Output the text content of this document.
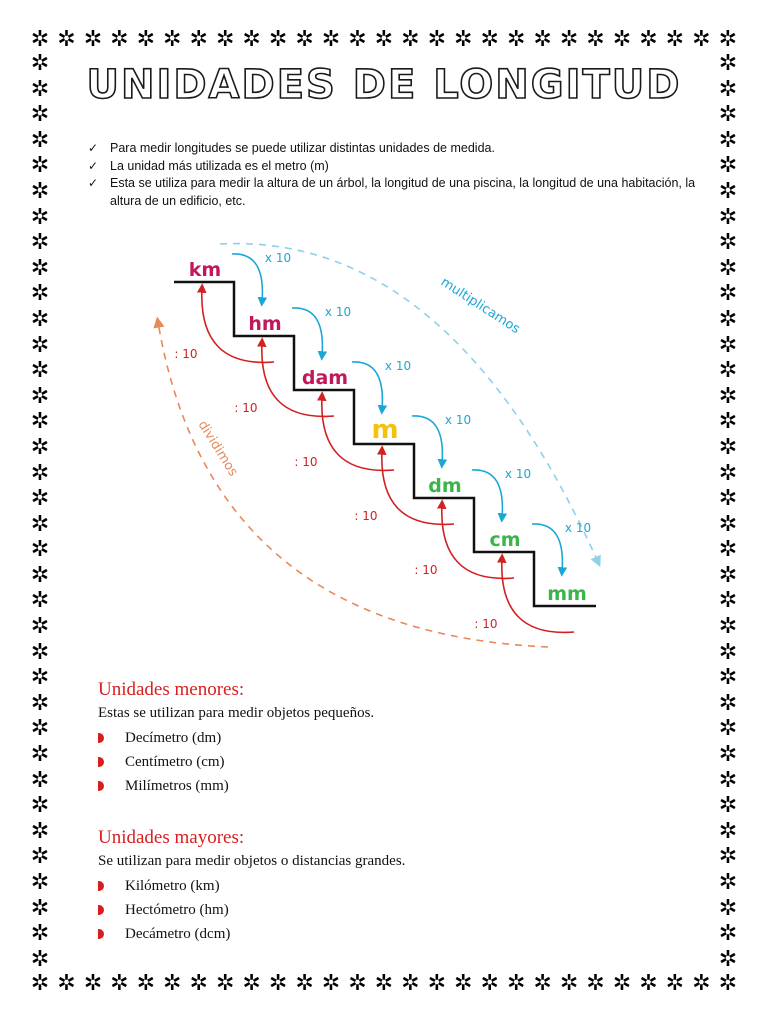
✲ ✲ ✲ ✲ ✲ ✲ ✲ ✲ ✲ ✲ ✲ ✲ ✲ ✲ ✲ ✲ ✲ ✲ ✲ ✲ ✲ ✲ ✲ ✲ ✲ ✲ ✲
✲ ✲ ✲ ✲ ✲ ✲ ✲ ✲ ✲ ✲ ✲ ✲ ✲ ✲ ✲ ✲ ✲ ✲ ✲ ✲ ✲ ✲ ✲ ✲ ✲ ✲ ✲
✲
✲
✲
✲
✲
✲
✲
✲
✲
✲
✲
✲
✲
✲
✲
✲
✲
✲
✲
✲
✲
✲
✲
✲
✲
✲
✲
✲
✲
✲
✲
✲
✲
✲
✲
✲
✲
✲
✲
✲
✲
✲
✲
✲
✲
✲
✲
✲
✲
✲
✲
✲
✲
✲
✲
✲
✲
✲
✲
✲
✲
✲
✲
✲
✲
✲
✲
✲
✲
✲
✲
✲
UNIDADES DE LONGITUD
✓ Para medir longitudes se puede utilizar distintas unidades de medida.
✓ La unidad más utilizada es el metro (m)
✓ Esta se utiliza para medir la altura de un árbol, la longitud de una piscina, la longitud de una habitación, la altura de un edificio, etc.
multiplicamos
dividimos
km
hm
dam
m
dm
cm
mm
x 10
x 10
x 10
x 10
x 10
x 10
: 10
: 10
: 10
: 10
: 10
: 10
Unidades menores:

Estas se utilizan para medir objetos pequeños.

Decímetro (dm)
Centímetro (cm)
Milímetros (mm)
Unidades mayores:

Se utilizan para medir objetos o distancias grandes.

Kilómetro (km)
Hectómetro (hm)
Decámetro (dcm)
